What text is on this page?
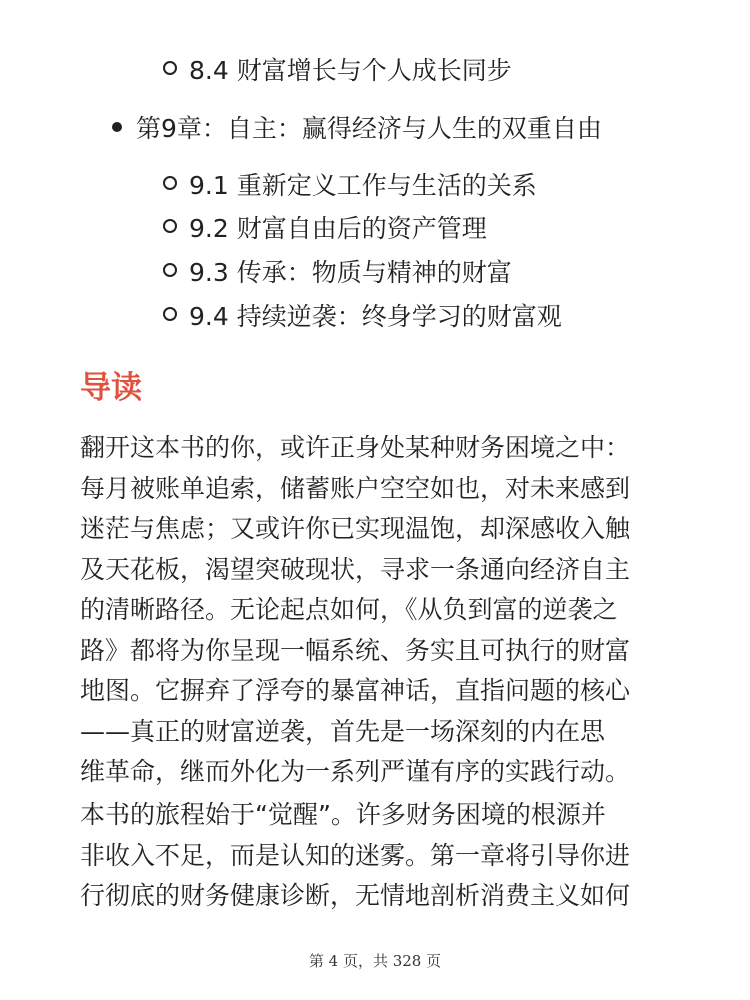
8.4 财富增长与个人成长同步
第9章：自主：赢得经济与人生的双重自由
9.1 重新定义工作与生活的关系
9.2 财富自由后的资产管理
9.3 传承：物质与精神的财富
9.4 持续逆袭：终身学习的财富观
导读
翻开这本书的你，或许正身处某种财务困境之中：
每月被账单追索，储蓄账户空空如也，对未来感到
迷茫与焦虑；又或许你已实现温饱，却深感收入触
及天花板，渴望突破现状，寻求一条通向经济自主
的清晰路径。无论起点如何，《从负到富的逆袭之
路》都将为你呈现一幅系统、务实且可执行的财富
地图。它摒弃了浮夸的暴富神话，直指问题的核心
——真正的财富逆袭，首先是一场深刻的内在思
维革命，继而外化为一系列严谨有序的实践行动。
本书的旅程始于“觉醒”。许多财务困境的根源并
非收入不足，而是认知的迷雾。第一章将引导你进
行彻底的财务健康诊断，无情地剖析消费主义如何
第 4 页，共 328 页
